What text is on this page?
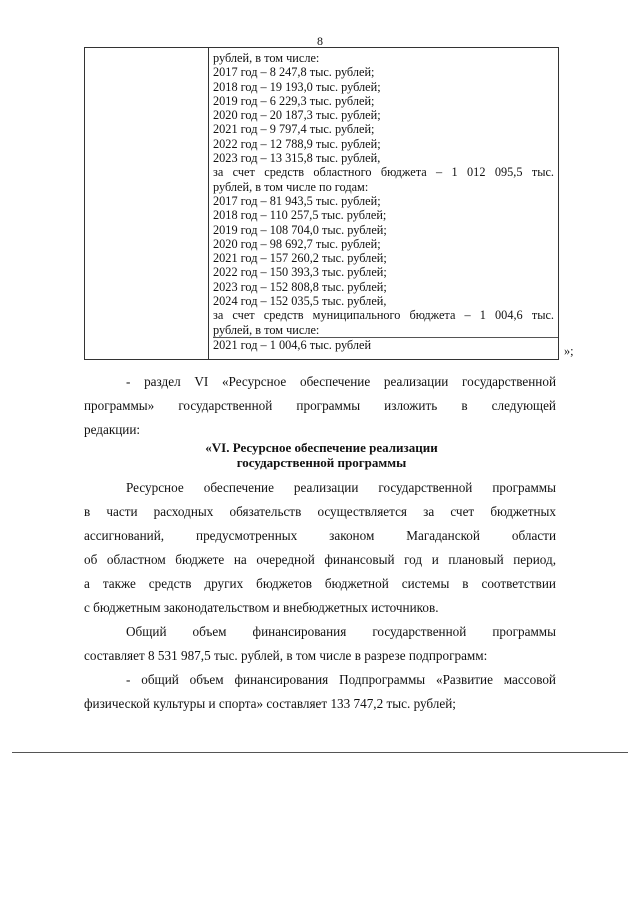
8
рублей, в том числе:
2017 год – 8 247,8 тыс. рублей;
2018 год – 19 193,0 тыс. рублей;
2019 год – 6 229,3 тыс. рублей;
2020 год – 20 187,3 тыс. рублей;
2021 год – 9 797,4 тыс. рублей;
2022 год – 12 788,9 тыс. рублей;
2023 год – 13 315,8 тыс. рублей,
за счет средств областного бюджета – 1 012 095,5 тыс.
рублей, в том числе по годам:
2017 год – 81 943,5 тыс. рублей;
2018 год – 110 257,5 тыс. рублей;
2019 год – 108 704,0 тыс. рублей;
2020 год – 98 692,7 тыс. рублей;
2021 год – 157 260,2 тыс. рублей;
2022 год – 150 393,3 тыс. рублей;
2023 год – 152 808,8 тыс. рублей;
2024 год – 152 035,5 тыс. рублей,
за счет средств муниципального бюджета – 1 004,6 тыс.
рублей, в том числе:
2021 год – 1 004,6 тыс. рублей	»;
- раздел VI «Ресурсное обеспечение реализации государственной
программы» государственной программы изложить в следующей
редакции:
«VI. Ресурсное обеспечение реализации
государственной программы
Ресурсное обеспечение реализации государственной программы
в части расходных обязательств осуществляется за счет бюджетных
ассигнований, предусмотренных законом Магаданской области
об областном бюджете на очередной финансовый год и плановый период,
а также средств других бюджетов бюджетной системы в соответствии
с бюджетным законодательством и внебюджетных источников.
Общий объем финансирования государственной программы
составляет 8 531 987,5 тыс. рублей, в том числе в разрезе подпрограмм:
- общий объем финансирования Подпрограммы «Развитие массовой
физической культуры и спорта» составляет 133 747,2 тыс. рублей;
